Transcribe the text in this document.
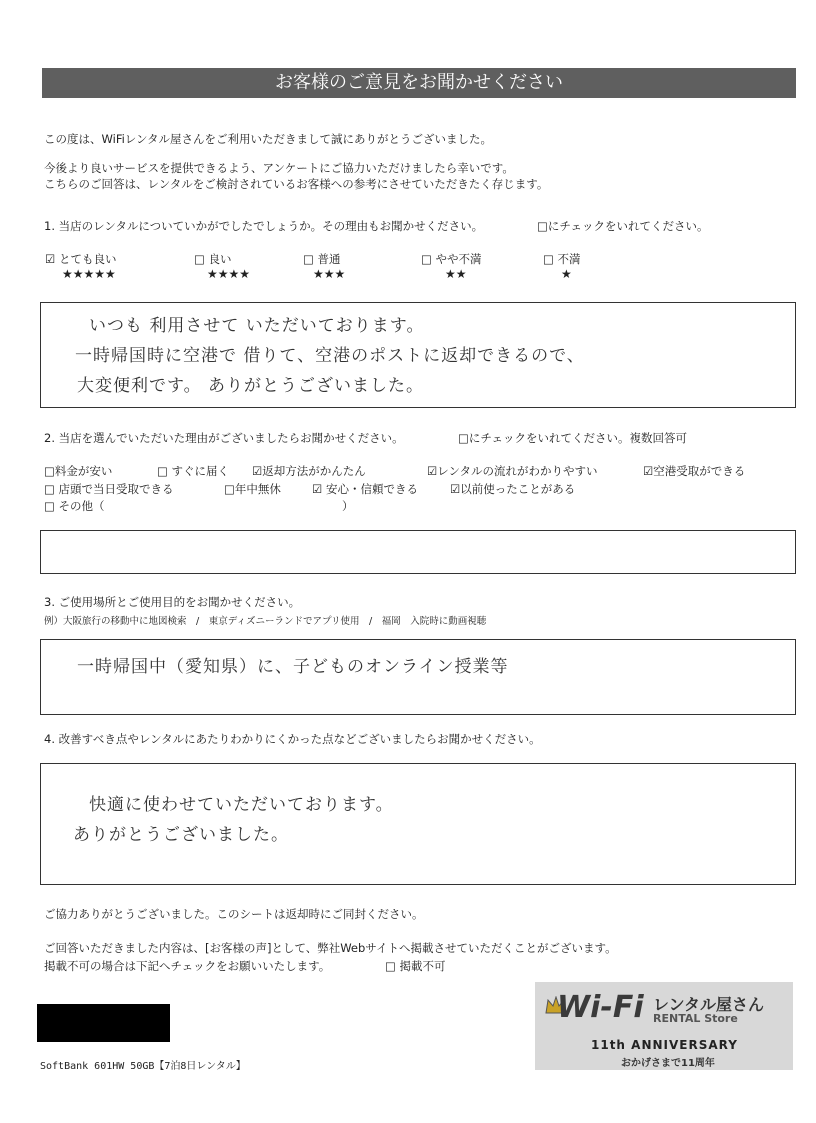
お客様のご意見をお聞かせください
この度は、WiFiレンタル屋さんをご利用いただきまして誠にありがとうございました。
今後より良いサービスを提供できるよう、アンケートにご協力いただけましたら幸いです。
こちらのご回答は、レンタルをご検討されているお客様への参考にさせていただきたく存じます。
1. 当店のレンタルについていかがでしたでしょうか。その理由もお聞かせください。	□にチェックをいれてください。
☑ とても良い
★★★★★
□ 良い
★★★★
□ 普通
★★★
□ やや不満
★★
□ 不満
★
いつも 利用させて いただいております。
一時帰国時に空港で 借りて、空港のポストに返却できるので、
大変便利です。 ありがとうございました。
2. 当店を選んでいただいた理由がございましたらお聞かせください。	□にチェックをいれてください。複数回答可
□料金が安い	□ すぐに届く ☑返却方法がかんたん	☑レンタルの流れがわかりやすい	☑空港受取ができる
□ 店頭で当日受取できる	□年中無休	☑ 安心・信頼できる	☑以前使ったことがある
□ その他（	）
3. ご使用場所とご使用目的をお聞かせください。
例）大阪旅行の移動中に地図検索　/　東京ディズニーランドでアプリ使用　/　福岡　入院時に動画視聴
一時帰国中（愛知県）に、子どものオンライン授業等
4. 改善すべき点やレンタルにあたりわかりにくかった点などございましたらお聞かせください。
快適に使わせていただいております。
ありがとうございました。
ご協力ありがとうございました。このシートは返却時にご同封ください。
ご回答いただきました内容は、[お客様の声]として、弊社Webサイトへ掲載させていただくことがございます。
掲載不可の場合は下記へチェックをお願いいたします。	□ 掲載不可
SoftBank 601HW 50GB【7泊8日レンタル】
Wi-Fi レンタル屋さん
RENTAL Store
11th ANNIVERSARY
おかげさまで11周年
